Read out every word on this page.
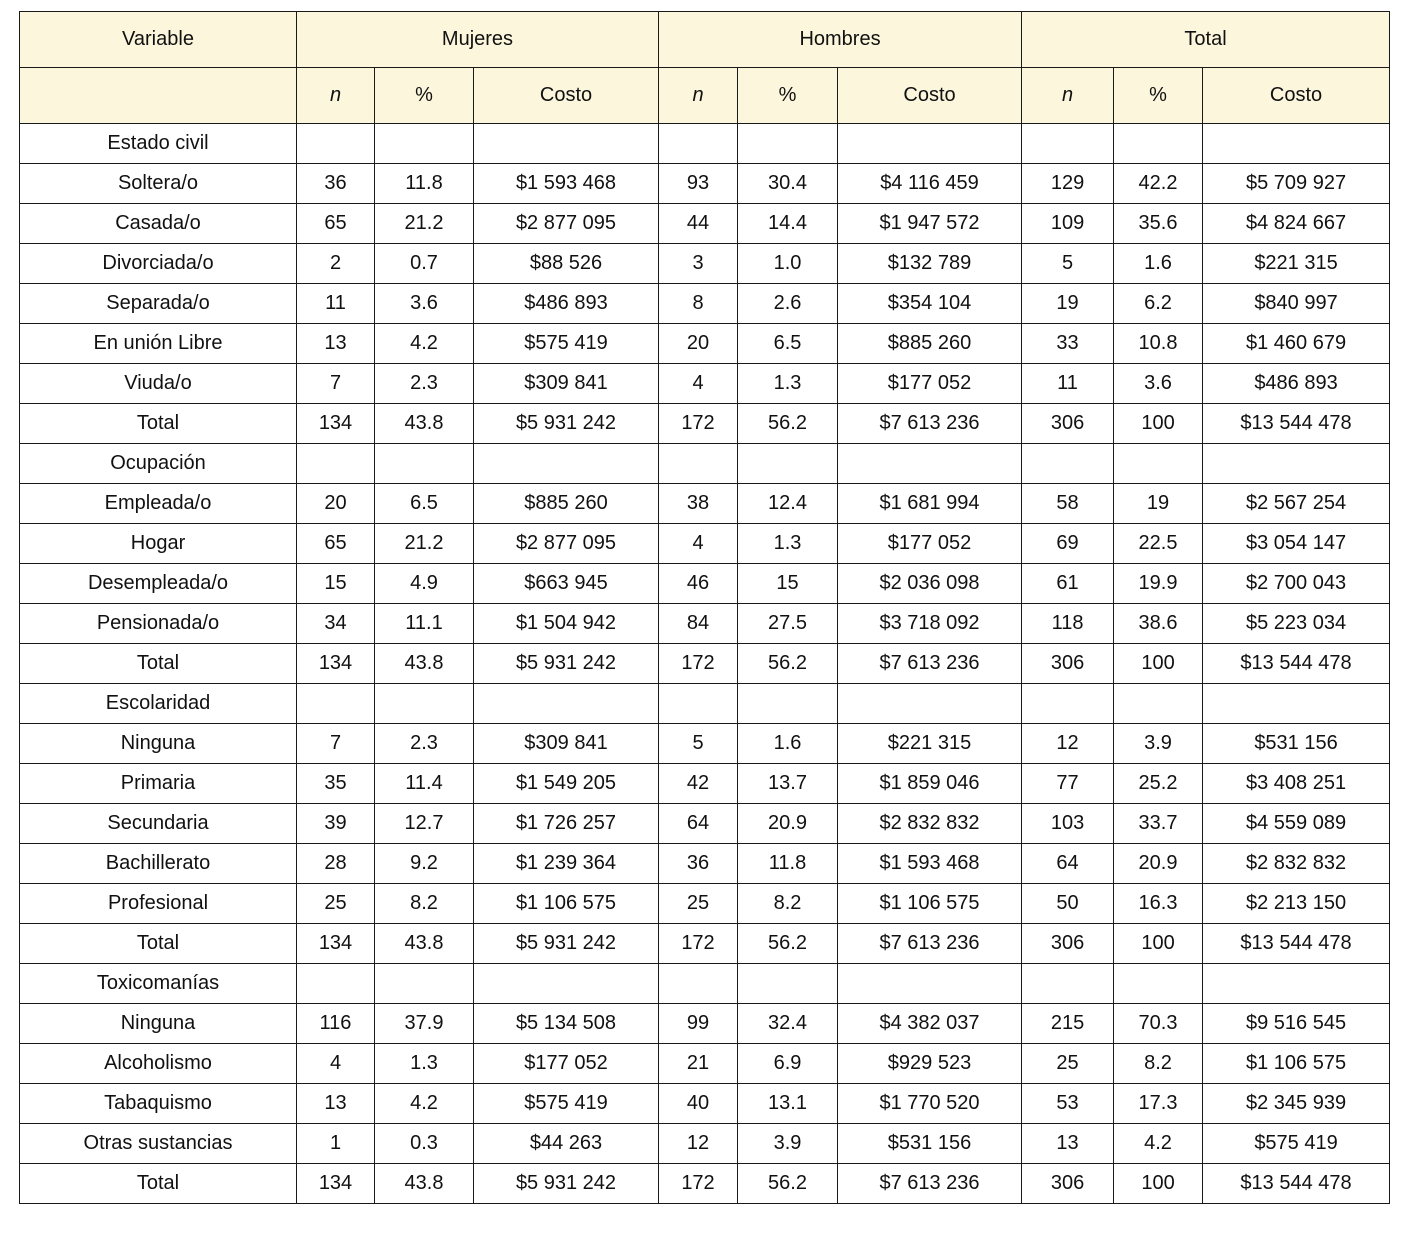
Variable	Mujeres			Hombres			Total		
	n	%	Costo	n	%	Costo	n	%	Costo
Estado civil									
Soltera/o	36	11.8	$1 593 468	93	30.4	$4 116 459	129	42.2	$5 709 927
Casada/o	65	21.2	$2 877 095	44	14.4	$1 947 572	109	35.6	$4 824 667
Divorciada/o	2	0.7	$88 526	3	1.0	$132 789	5	1.6	$221 315
Separada/o	11	3.6	$486 893	8	2.6	$354 104	19	6.2	$840 997
En unión Libre	13	4.2	$575 419	20	6.5	$885 260	33	10.8	$1 460 679
Viuda/o	7	2.3	$309 841	4	1.3	$177 052	11	3.6	$486 893
Total	134	43.8	$5 931 242	172	56.2	$7 613 236	306	100	$13 544 478
Ocupación									
Empleada/o	20	6.5	$885 260	38	12.4	$1 681 994	58	19	$2 567 254
Hogar	65	21.2	$2 877 095	4	1.3	$177 052	69	22.5	$3 054 147
Desempleada/o	15	4.9	$663 945	46	15	$2 036 098	61	19.9	$2 700 043
Pensionada/o	34	11.1	$1 504 942	84	27.5	$3 718 092	118	38.6	$5 223 034
Total	134	43.8	$5 931 242	172	56.2	$7 613 236	306	100	$13 544 478
Escolaridad									
Ninguna	7	2.3	$309 841	5	1.6	$221 315	12	3.9	$531 156
Primaria	35	11.4	$1 549 205	42	13.7	$1 859 046	77	25.2	$3 408 251
Secundaria	39	12.7	$1 726 257	64	20.9	$2 832 832	103	33.7	$4 559 089
Bachillerato	28	9.2	$1 239 364	36	11.8	$1 593 468	64	20.9	$2 832 832
Profesional	25	8.2	$1 106 575	25	8.2	$1 106 575	50	16.3	$2 213 150
Total	134	43.8	$5 931 242	172	56.2	$7 613 236	306	100	$13 544 478
Toxicomanías									
Ninguna	116	37.9	$5 134 508	99	32.4	$4 382 037	215	70.3	$9 516 545
Alcoholismo	4	1.3	$177 052	21	6.9	$929 523	25	8.2	$1 106 575
Tabaquismo	13	4.2	$575 419	40	13.1	$1 770 520	53	17.3	$2 345 939
Otras sustancias	1	0.3	$44 263	12	3.9	$531 156	13	4.2	$575 419
Total	134	43.8	$5 931 242	172	56.2	$7 613 236	306	100	$13 544 478
